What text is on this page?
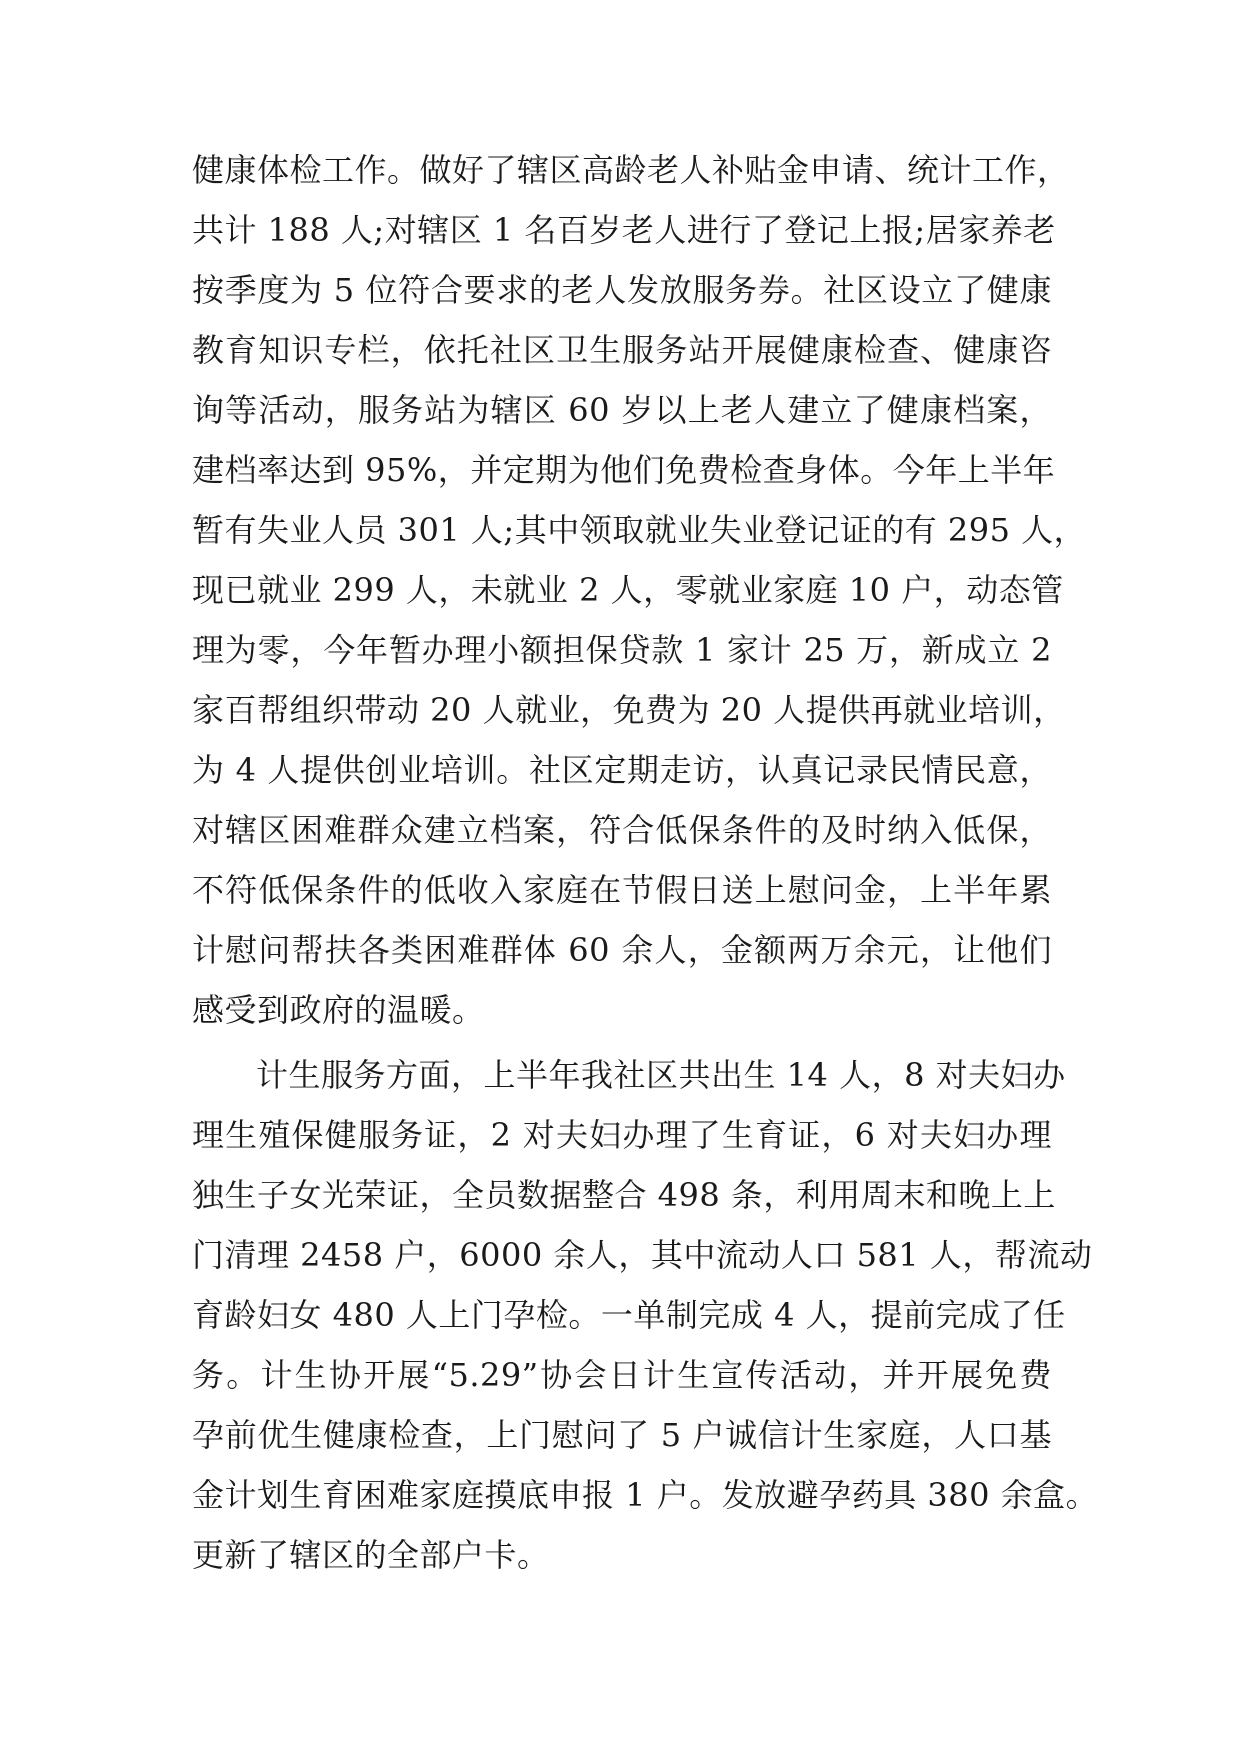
健康体检工作。做好了辖区高龄老人补贴金申请、统计工作，
共计 188 人;对辖区 1 名百岁老人进行了登记上报;居家养老
按季度为 5 位符合要求的老人发放服务券。社区设立了健康
教育知识专栏，依托社区卫生服务站开展健康检查、健康咨
询等活动，服务站为辖区 60 岁以上老人建立了健康档案，
建档率达到 95%，并定期为他们免费检查身体。今年上半年
暂有失业人员 301 人;其中领取就业失业登记证的有 295 人，
现已就业 299 人，未就业 2 人，零就业家庭 10 户，动态管
理为零，今年暂办理小额担保贷款 1 家计 25 万，新成立 2
家百帮组织带动 20 人就业，免费为 20 人提供再就业培训，
为 4 人提供创业培训。社区定期走访，认真记录民情民意，
对辖区困难群众建立档案，符合低保条件的及时纳入低保，
不符低保条件的低收入家庭在节假日送上慰问金，上半年累
计慰问帮扶各类困难群体 60 余人，金额两万余元，让他们
感受到政府的温暖。
计生服务方面，上半年我社区共出生 14 人，8 对夫妇办
理生殖保健服务证，2 对夫妇办理了生育证，6 对夫妇办理
独生子女光荣证，全员数据整合 498 条，利用周末和晚上上
门清理 2458 户，6000 余人，其中流动人口 581 人，帮流动
育龄妇女 480 人上门孕检。一单制完成 4 人，提前完成了任
务。计生协开展“5.29”协会日计生宣传活动，并开展免费
孕前优生健康检查，上门慰问了 5 户诚信计生家庭，人口基
金计划生育困难家庭摸底申报 1 户。发放避孕药具 380 余盒。
更新了辖区的全部户卡。
